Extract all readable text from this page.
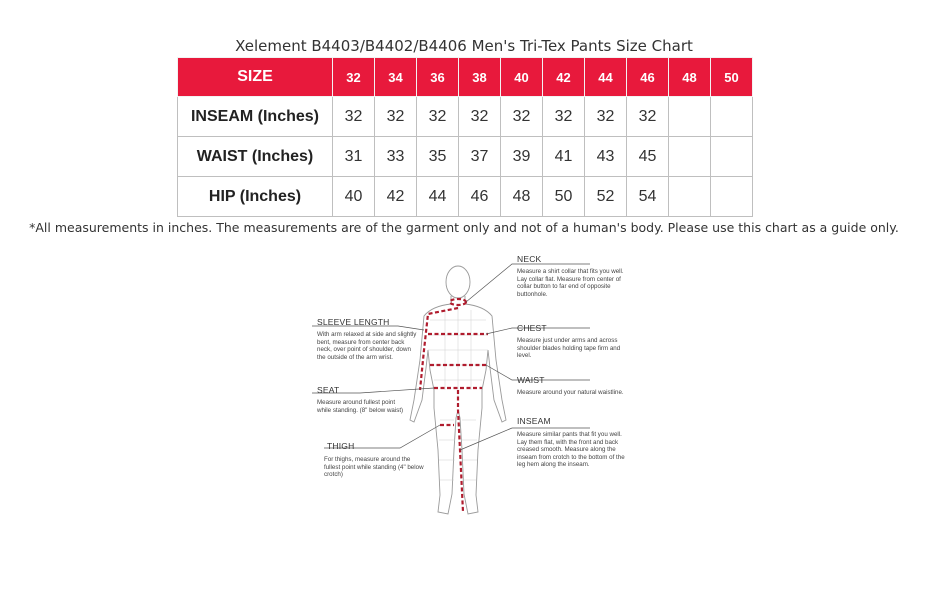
Xelement B4403/B4402/B4406 Men's Tri-Tex Pants Size Chart
SIZE	32	34	36	38	40	42	44	46	48	50
INSEAM (Inches)	32	32	32	32	32	32	32	32		
WAIST (Inches)	31	33	35	37	39	41	43	45		
HIP (Inches)	40	42	44	46	48	50	52	54		
*All measurements in inches. The measurements are of the garment only and not of a human's body. Please use this chart as a guide only.
NECK
Measure a shirt collar that fits you well. Lay collar flat. Measure from center of collar button to far end of opposite buttonhole.
CHEST
Measure just under arms and across shoulder blades holding tape firm and level.
WAIST
Measure around your natural waistline.
INSEAM
Measure similar pants that fit you well. Lay them flat, with the front and back creased smooth. Measure along the inseam from crotch to the bottom of the leg hem along the inseam.
SLEEVE LENGTH
With arm relaxed at side and slightly bent, measure from center back neck, over point of shoulder, down the outside of the arm wrist.
SEAT
Measure around fullest point while standing. (8" below waist)
THIGH
For thighs, measure around the fullest point while standing (4" below crotch)
